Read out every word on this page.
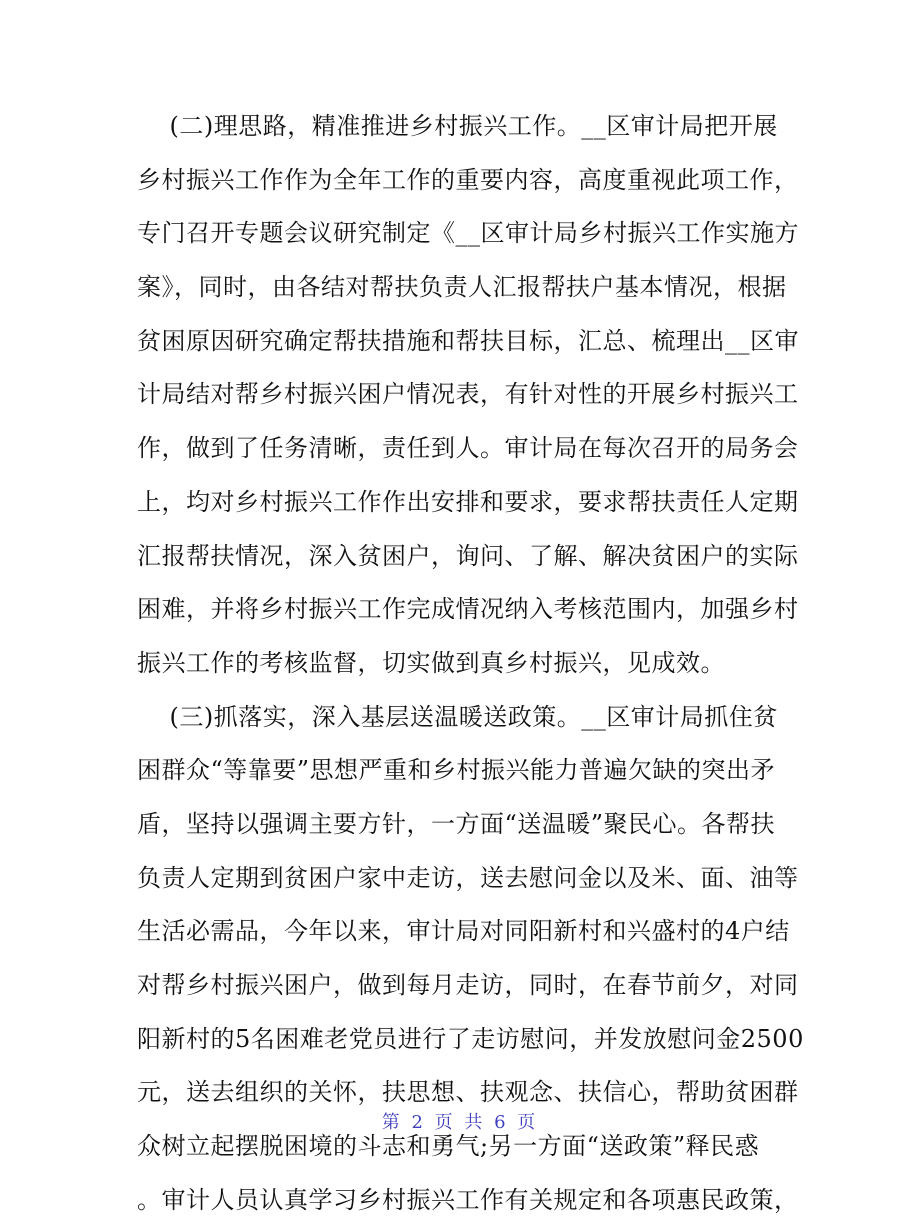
(二)理思路，精准推进乡村振兴工作。__区审计局把开展
乡村振兴工作作为全年工作的重要内容，高度重视此项工作，
专门召开专题会议研究制定《__区审计局乡村振兴工作实施方
案》，同时，由各结对帮扶负责人汇报帮扶户基本情况，根据
贫困原因研究确定帮扶措施和帮扶目标，汇总、梳理出__区审
计局结对帮乡村振兴困户情况表，有针对性的开展乡村振兴工
作，做到了任务清晰，责任到人。审计局在每次召开的局务会
上，均对乡村振兴工作作出安排和要求，要求帮扶责任人定期
汇报帮扶情况，深入贫困户，询问、了解、解决贫困户的实际
困难，并将乡村振兴工作完成情况纳入考核范围内，加强乡村
振兴工作的考核监督，切实做到真乡村振兴，见成效。
(三)抓落实，深入基层送温暖送政策。__区审计局抓住贫
困群众“等靠要”思想严重和乡村振兴能力普遍欠缺的突出矛
盾，坚持以强调主要方针，一方面“送温暖”聚民心。各帮扶
负责人定期到贫困户家中走访，送去慰问金以及米、面、油等
生活必需品，今年以来，审计局对同阳新村和兴盛村的4户结
对帮乡村振兴困户，做到每月走访，同时，在春节前夕，对同
阳新村的5名困难老党员进行了走访慰问，并发放慰问金2500
元，送去组织的关怀，扶思想、扶观念、扶信心，帮助贫困群
众树立起摆脱困境的斗志和勇气;另一方面“送政策”释民惑
。审计人员认真学习乡村振兴工作有关规定和各项惠民政策，
第 2 页 共 6 页
